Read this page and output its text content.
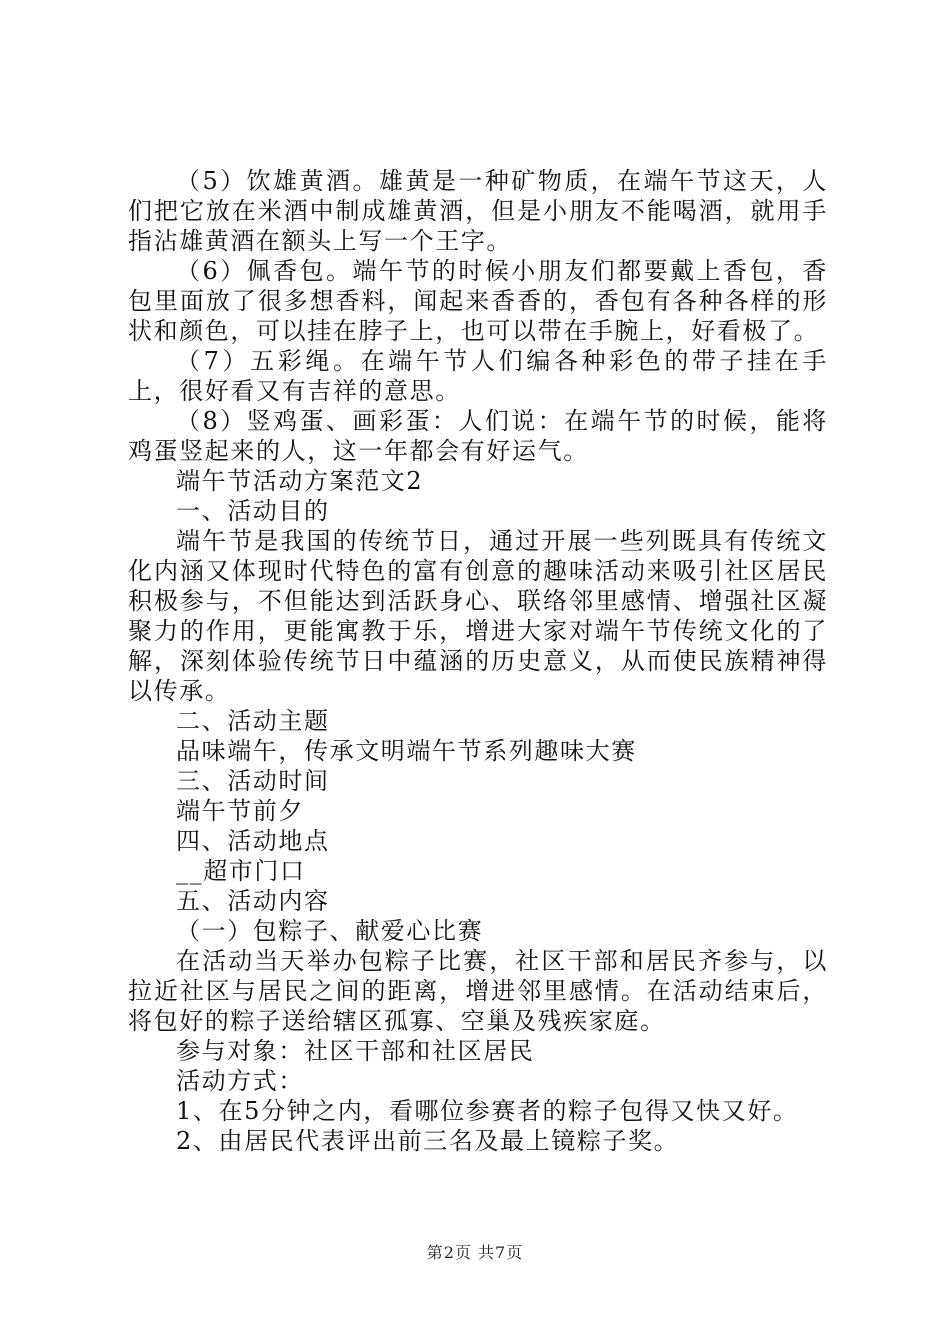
（5）饮雄黄酒。雄黄是一种矿物质，在端午节这天，人们把它放在米酒中制成雄黄酒，但是小朋友不能喝酒，就用手指沾雄黄酒在额头上写一个王字。

（6）佩香包。端午节的时候小朋友们都要戴上香包，香包里面放了很多想香料，闻起来香香的，香包有各种各样的形状和颜色，可以挂在脖子上，也可以带在手腕上，好看极了。

（7）五彩绳。在端午节人们编各种彩色的带子挂在手上，很好看又有吉祥的意思。

（8）竖鸡蛋、画彩蛋：人们说：在端午节的时候，能将鸡蛋竖起来的人，这一年都会有好运气。

端午节活动方案范文2

一、活动目的

端午节是我国的传统节日，通过开展一些列既具有传统文化内涵又体现时代特色的富有创意的趣味活动来吸引社区居民积极参与，不但能达到活跃身心、联络邻里感情、增强社区凝聚力的作用，更能寓教于乐，增进大家对端午节传统文化的了解，深刻体验传统节日中蕴涵的历史意义，从而使民族精神得以传承。

二、活动主题

品味端午，传承文明端午节系列趣味大赛

三、活动时间

端午节前夕

四、活动地点

__超市门口

五、活动内容

（一）包粽子、献爱心比赛

在活动当天举办包粽子比赛，社区干部和居民齐参与，以拉近社区与居民之间的距离，增进邻里感情。在活动结束后，将包好的粽子送给辖区孤寡、空巢及残疾家庭。

参与对象：社区干部和社区居民

活动方式：

1、在5分钟之内，看哪位参赛者的粽子包得又快又好。

2、由居民代表评出前三名及最上镜粽子奖。

第2页 共7页
